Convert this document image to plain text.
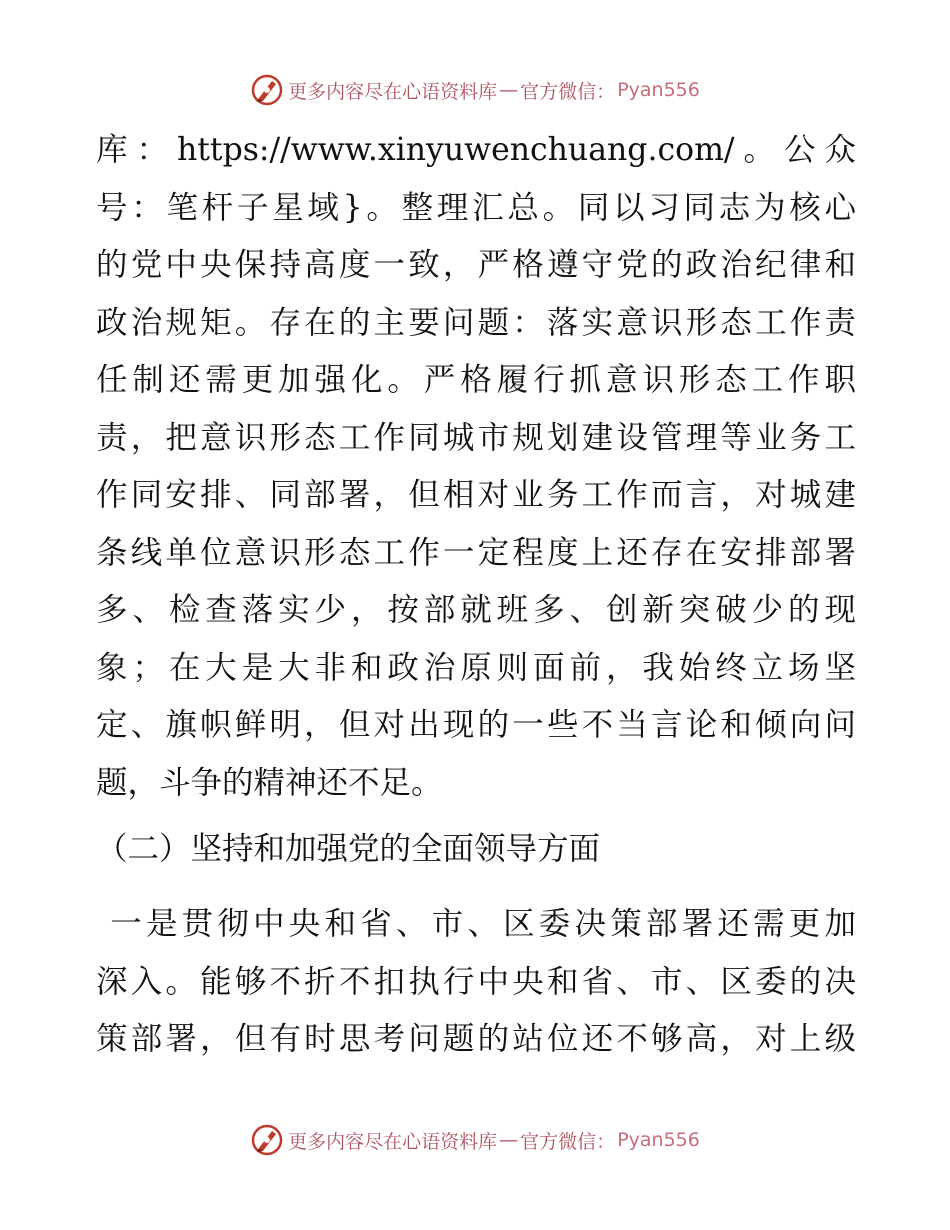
更多内容尽在心语资料库 — 官方微信： Pyan556
库：https://www.xinyuwenchuang.com/。公众
号：笔杆子星域}。整理汇总。同以习同志为核心
的党中央保持高度一致，严格遵守党的政治纪律和
政治规矩。存在的主要问题：落实意识形态工作责
任制还需更加强化。严格履行抓意识形态工作职
责，把意识形态工作同城市规划建设管理等业务工
作同安排、同部署，但相对业务工作而言，对城建
条线单位意识形态工作一定程度上还存在安排部署
多、检查落实少，按部就班多、创新突破少的现
象；在大是大非和政治原则面前，我始终立场坚
定、旗帜鲜明，但对出现的一些不当言论和倾向问
题，斗争的精神还不足。
（二）坚持和加强党的全面领导方面
一是贯彻中央和省、市、区委决策部署还需更加
深入。能够不折不扣执行中央和省、市、区委的决
策部署，但有时思考问题的站位还不够高，对上级
更多内容尽在心语资料库 — 官方微信： Pyan556
